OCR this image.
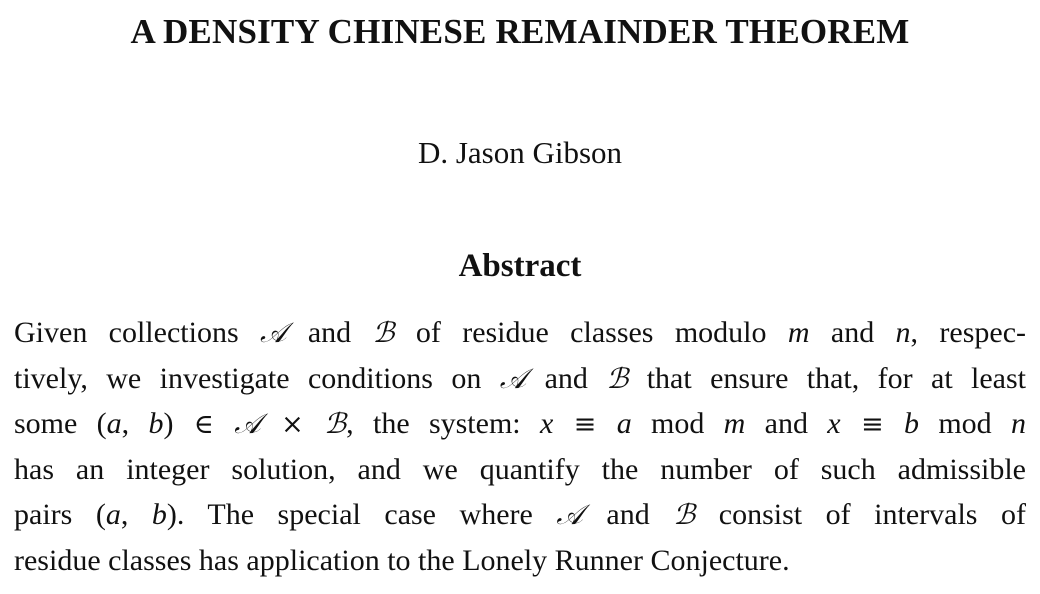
A DENSITY CHINESE REMAINDER THEOREM
D. Jason Gibson
Abstract
Given collections 𝒜 and ℬ of residue classes modulo m and n, respec-
tively, we investigate conditions on 𝒜 and ℬ that ensure that, for at least
some (a, b) ∈ 𝒜 × ℬ, the system: x ≡ a mod m and x ≡ b mod n
has an integer solution, and we quantify the number of such admissible
pairs (a, b). The special case where 𝒜 and ℬ consist of intervals of
residue classes has application to the Lonely Runner Conjecture.
